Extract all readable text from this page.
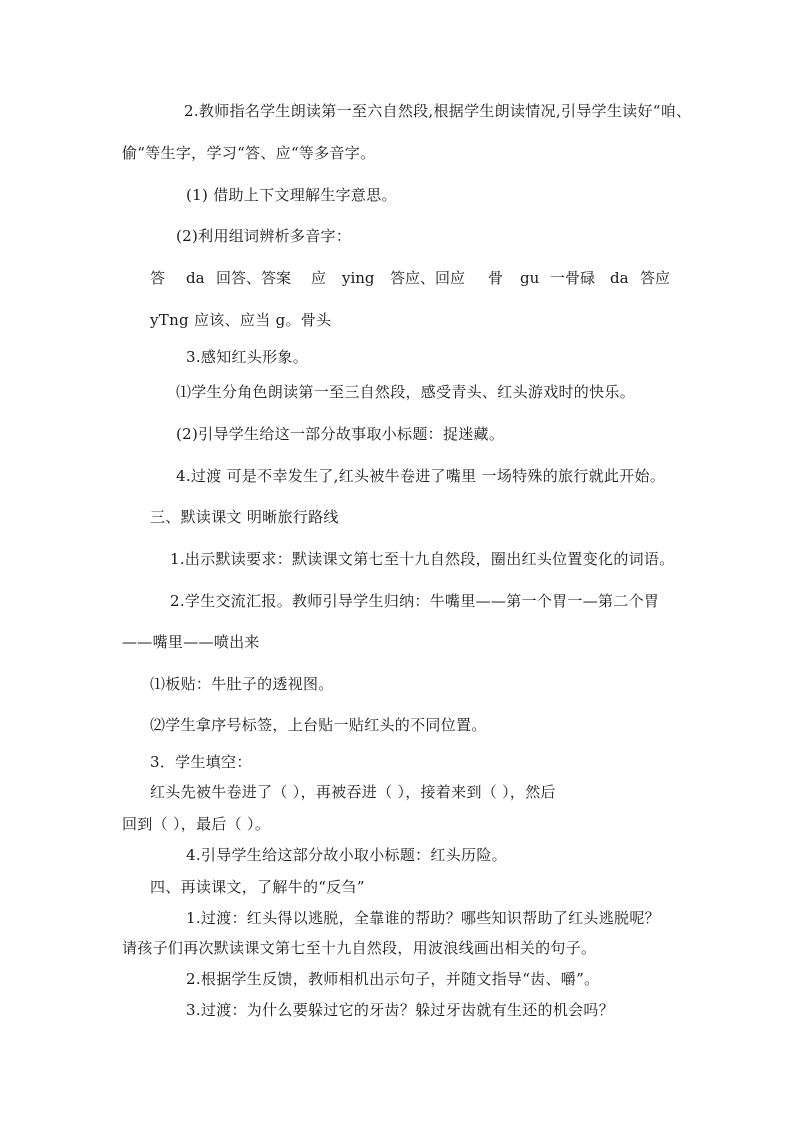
2.教师指名学生朗读第一至六自然段,根据学生朗读情况,引导学生读好“咱、

偷“等生字，学习“答、应“等多音字。

(1) 借助上下文理解生字意思。

(2)利用组词辨析多音字：

答 da 回答、答案 应 ying 答应、回应 骨 gu 一骨碌 da 答应

yTng 应该、应当 g。骨头

3.感知红头形象。

⑴学生分角色朗读第一至三自然段，感受青头、红头游戏时的快乐。

(2)引导学生给这一部分故事取小标题：捉迷藏。

4.过渡 可是不幸发生了,红头被牛卷进了嘴里 一场特殊的旅行就此开始。

三、默读课文 明晰旅行路线

1.出示默读要求：默读课文第七至十九自然段，圈出红头位置变化的词语。

2.学生交流汇报。教师引导学生归纳：牛嘴里——第一个胃一—第二个胃

——嘴里——喷出来

⑴板贴：牛肚子的透视图。

⑵学生拿序号标签，上台贴一贴红头的不同位置。

3．学生填空：

红头先被牛卷进了（ ），再被吞进（ ），接着来到（ ），然后

回到（ ），最后（ ）。

4.引导学生给这部分故小取小标题：红头历险。

四、再读课文，了解牛的“反刍”

1.过渡：红头得以逃脱，全靠谁的帮助？哪些知识帮助了红头逃脱呢？

请孩子们再次默读课文第七至十九自然段，用波浪线画出相关的句子。

2.根据学生反馈，教师相机出示句子，并随文指导“齿、嚼”。

3.过渡：为什么要躲过它的牙齿？躲过牙齿就有生还的机会吗？
